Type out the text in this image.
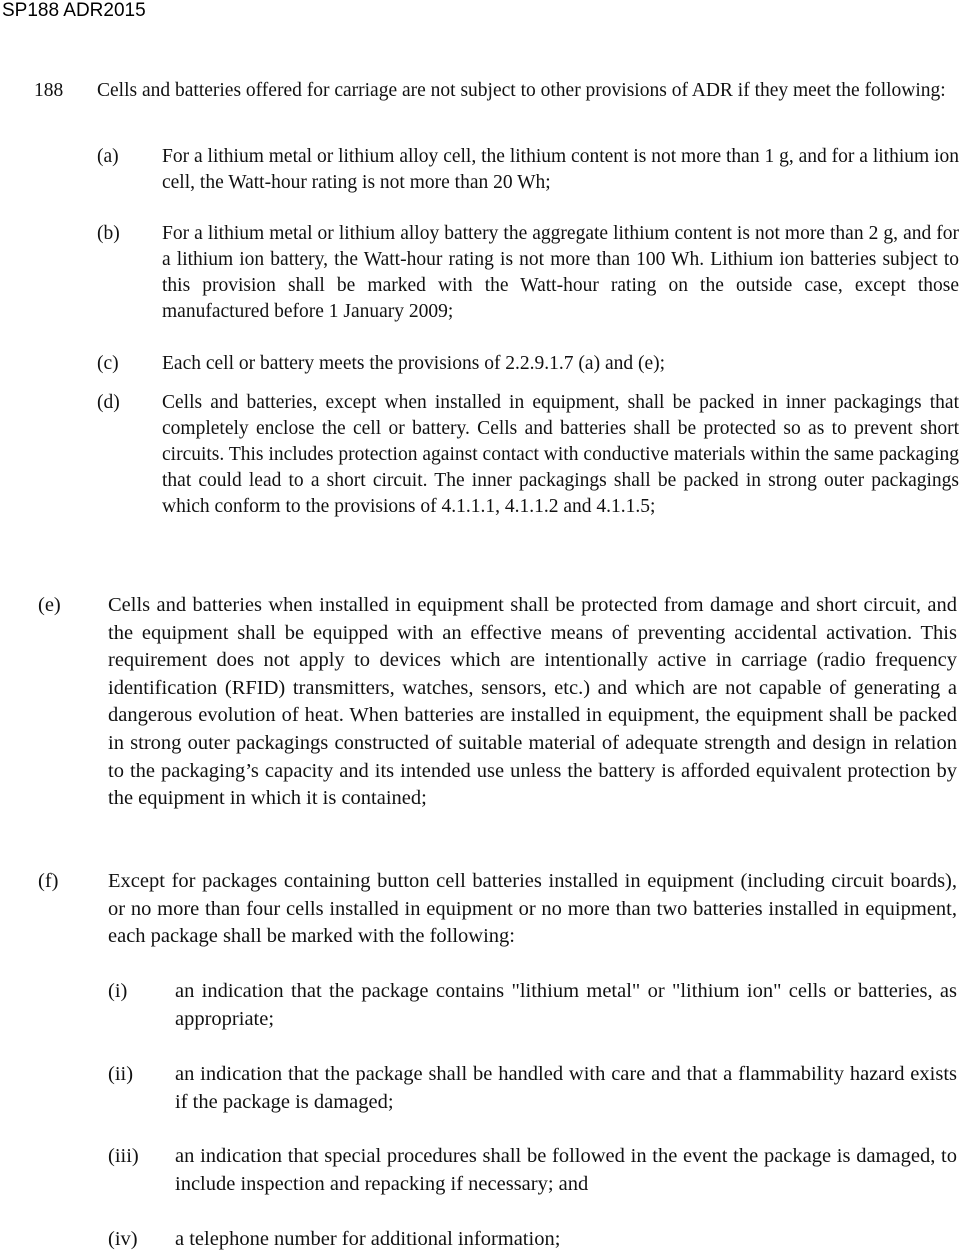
SP188 ADR2015
188 Cells and batteries offered for carriage are not subject to other provisions of ADR if they meet the following:
(a) For a lithium metal or lithium alloy cell, the lithium content is not more than 1 g, and for a lithium ion cell, the Watt-hour rating is not more than 20 Wh;
(b) For a lithium metal or lithium alloy battery the aggregate lithium content is not more than 2 g, and for a lithium ion battery, the Watt-hour rating is not more than 100 Wh. Lithium ion batteries subject to this provision shall be marked with the Watt-hour rating on the outside case, except those manufactured before 1 January 2009;
(c) Each cell or battery meets the provisions of 2.2.9.1.7 (a) and (e);
(d) Cells and batteries, except when installed in equipment, shall be packed in inner packagings that completely enclose the cell or battery. Cells and batteries shall be protected so as to prevent short circuits. This includes protection against contact with conductive materials within the same packaging that could lead to a short circuit. The inner packagings shall be packed in strong outer packagings which conform to the provisions of 4.1.1.1, 4.1.1.2 and 4.1.1.5;
(e) Cells and batteries when installed in equipment shall be protected from damage and short circuit, and the equipment shall be equipped with an effective means of preventing accidental activation. This requirement does not apply to devices which are intentionally active in carriage (radio frequency identification (RFID) transmitters, watches, sensors, etc.) and which are not capable of generating a dangerous evolution of heat. When batteries are installed in equipment, the equipment shall be packed in strong outer packagings constructed of suitable material of adequate strength and design in relation to the packaging’s capacity and its intended use unless the battery is afforded equivalent protection by the equipment in which it is contained;
(f) Except for packages containing button cell batteries installed in equipment (including circuit boards), or no more than four cells installed in equipment or no more than two batteries installed in equipment, each package shall be marked with the following:
(i) an indication that the package contains "lithium metal" or "lithium ion" cells or batteries, as appropriate;
(ii) an indication that the package shall be handled with care and that a flammability hazard exists if the package is damaged;
(iii) an indication that special procedures shall be followed in the event the package is damaged, to include inspection and repacking if necessary; and
(iv) a telephone number for additional information;
